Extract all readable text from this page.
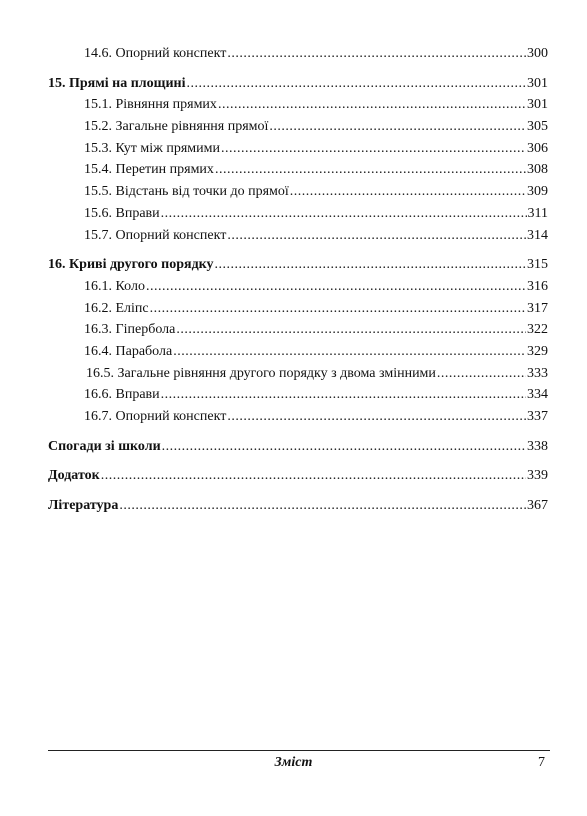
14.6. Опорний конспект .....	300
15. Прямі на площині .....	301
15.1. Рівняння прямих .....	301
15.2. Загальне рівняння прямої .....	305
15.3. Кут між прямими .....	306
15.4. Перетин прямих .....	308
15.5. Відстань від точки до прямої .....	309
15.6. Вправи .....	311
15.7. Опорний конспект .....	314
16. Криві другого порядку .....	315
16.1. Коло .....	316
16.2. Еліпс .....	317
16.3. Гіпербола .....	322
16.4. Парабола .....	329
16.5. Загальне рівняння другого порядку з двома змінними .....	333
16.6. Вправи .....	334
16.7. Опорний конспект .....	337
Спогади зі школи .....	338
Додаток .....	339
Література .....	367
Зміст	7
